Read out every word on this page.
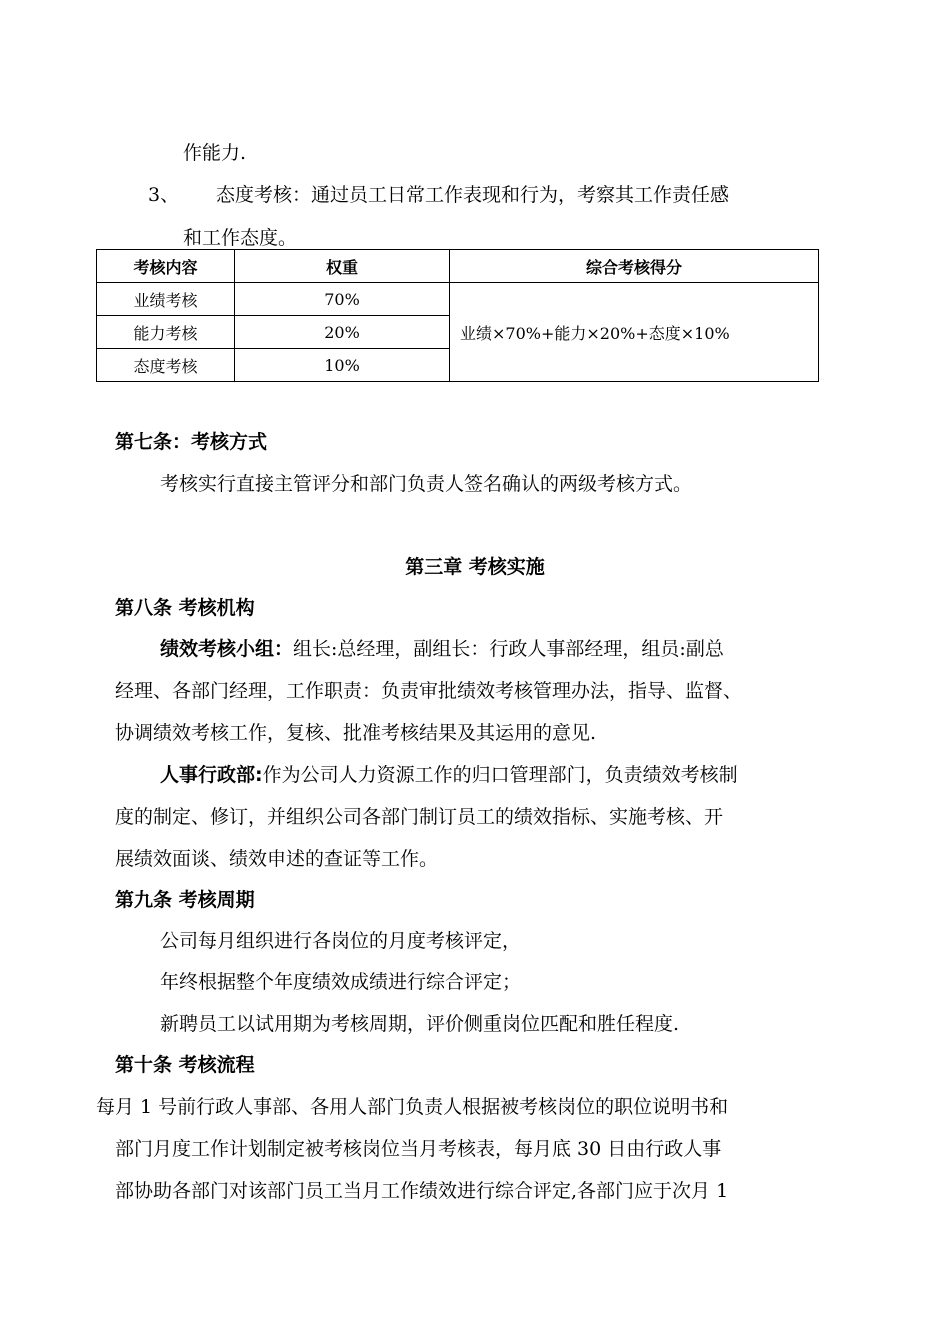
作能力.
3、 态度考核：通过员工日常工作表现和行为，考察其工作责任感
和工作态度。
考核内容	权重	综合考核得分
业绩考核	70%	业绩×70%+能力×20%+态度×10%
能力考核	20%	
态度考核	10%	
第七条：考核方式
考核实行直接主管评分和部门负责人签名确认的两级考核方式。
第三章 考核实施
第八条 考核机构
绩效考核小组：组长:总经理，副组长：行政人事部经理，组员:副总
经理、各部门经理，工作职责：负责审批绩效考核管理办法，指导、监督、
协调绩效考核工作，复核、批准考核结果及其运用的意见.
人事行政部:作为公司人力资源工作的归口管理部门，负责绩效考核制
度的制定、修订，并组织公司各部门制订员工的绩效指标、实施考核、开
展绩效面谈、绩效申述的查证等工作。
第九条 考核周期
公司每月组织进行各岗位的月度考核评定，
年终根据整个年度绩效成绩进行综合评定；
新聘员工以试用期为考核周期，评价侧重岗位匹配和胜任程度.
第十条 考核流程
每月 1 号前行政人事部、各用人部门负责人根据被考核岗位的职位说明书和
部门月度工作计划制定被考核岗位当月考核表，每月底 30 日由行政人事
部协助各部门对该部门员工当月工作绩效进行综合评定,各部门应于次月 1
